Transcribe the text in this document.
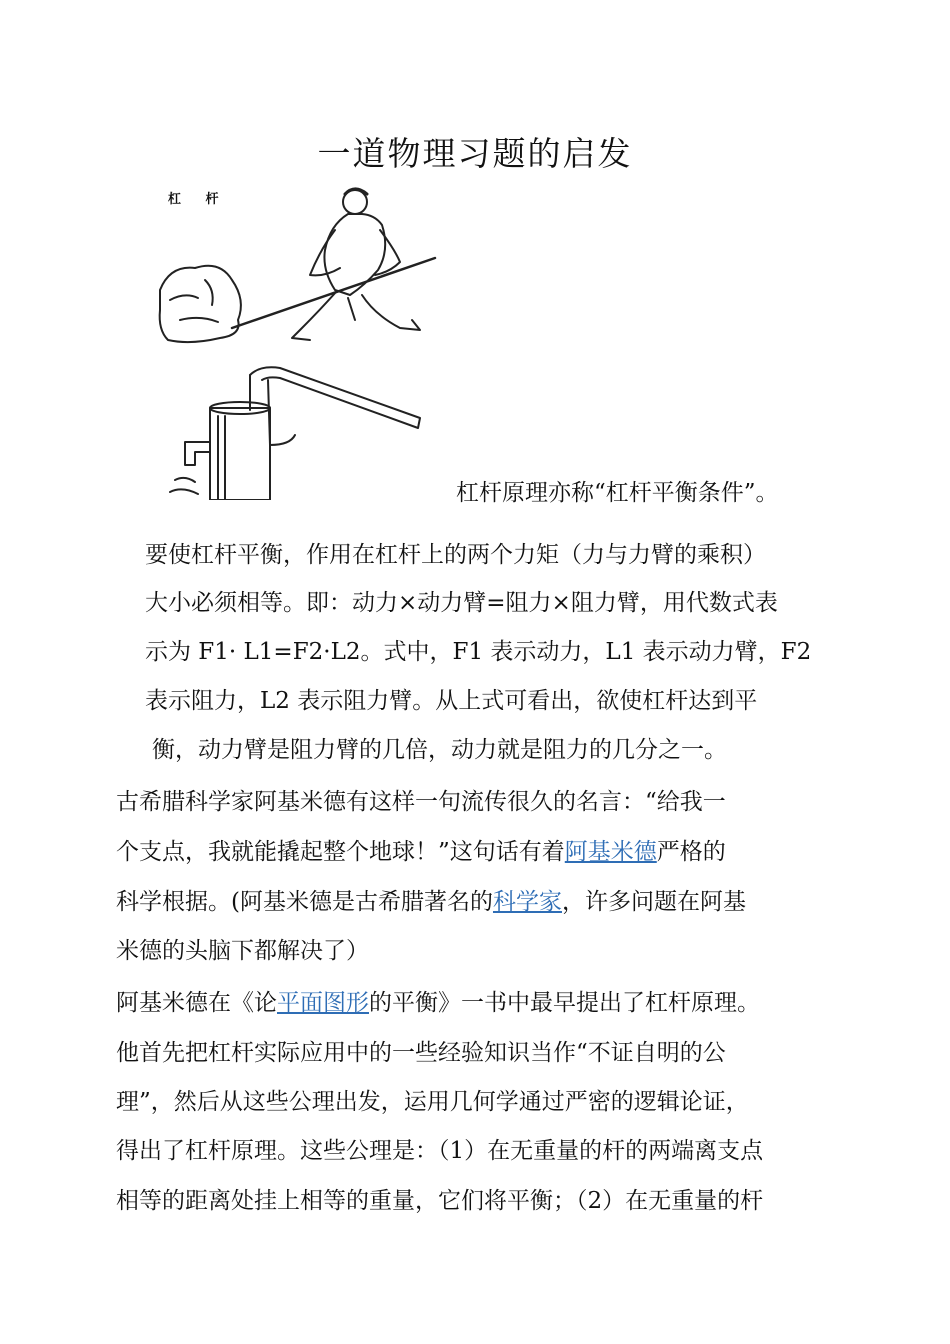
一道物理习题的启发
杠 杆
杠杆原理亦称“杠杆平衡条件”。
要使杠杆平衡，作用在杠杆上的两个力矩（力与力臂的乘积）
大小必须相等。即：动力×动力臂=阻力×阻力臂，用代数式表
示为 F1· L1=F2·L2。式中，F1 表示动力，L1 表示动力臂，F2
表示阻力，L2 表示阻力臂。从上式可看出，欲使杠杆达到平
衡，动力臂是阻力臂的几倍，动力就是阻力的几分之一。
古希腊科学家阿基米德有这样一句流传很久的名言：“给我一
个支点，我就能撬起整个地球！”这句话有着阿基米德严格的
科学根据。(阿基米德是古希腊著名的科学家，许多问题在阿基
米德的头脑下都解决了）
阿基米德在《论平面图形的平衡》一书中最早提出了杠杆原理。
他首先把杠杆实际应用中的一些经验知识当作“不证自明的公
理”，然后从这些公理出发，运用几何学通过严密的逻辑论证，
得出了杠杆原理。这些公理是：（1）在无重量的杆的两端离支点
相等的距离处挂上相等的重量，它们将平衡；（2）在无重量的杆
